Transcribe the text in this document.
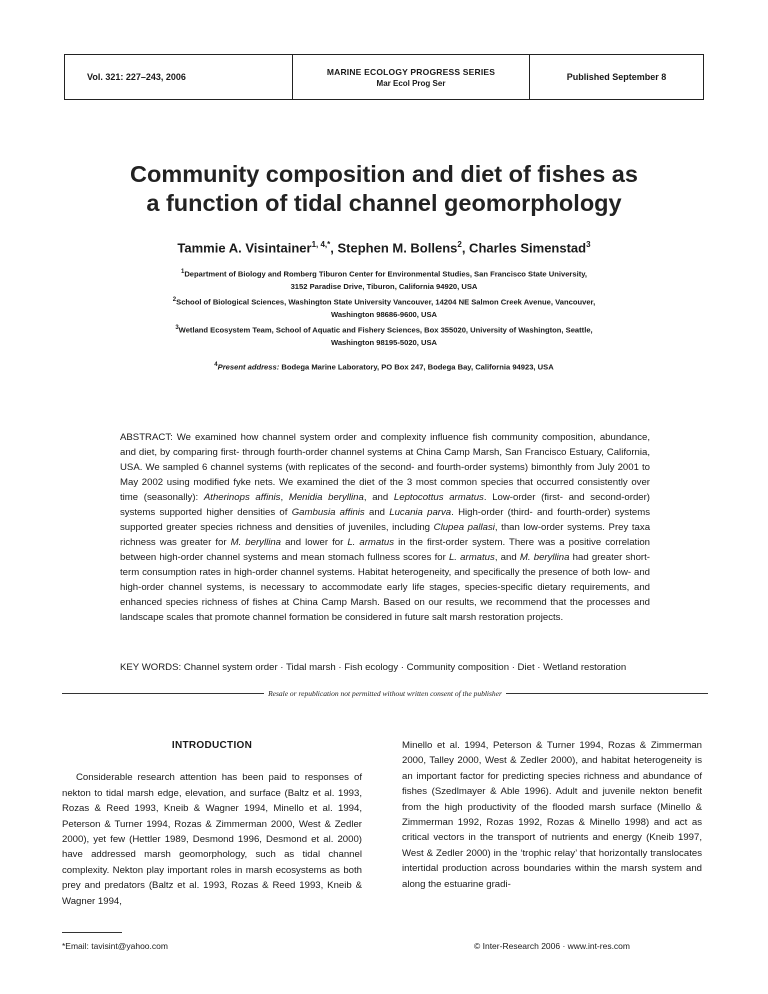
Vol. 321: 227–243, 2006
MARINE ECOLOGY PROGRESS SERIES
Mar Ecol Prog Ser
Published September 8
Community composition and diet of fishes as
a function of tidal channel geomorphology
Tammie A. Visintainer$^{1, 4,*}$, Stephen M. Bollens$^2$, Charles Simenstad$^3$
$^1$Department of Biology and Romberg Tiburon Center for Environmental Studies, San Francisco State University,
3152 Paradise Drive, Tiburon, California 94920, USA
$^2$School of Biological Sciences, Washington State University Vancouver, 14204 NE Salmon Creek Avenue, Vancouver,
Washington 98686-9600, USA
$^3$Wetland Ecosystem Team, School of Aquatic and Fishery Sciences, Box 355020, University of Washington, Seattle,
Washington 98195-5020, USA
$^4$Present address: Bodega Marine Laboratory, PO Box 247, Bodega Bay, California 94923, USA
ABSTRACT: We examined how channel system order and complexity influence fish community composition, abundance, and diet, by comparing first- through fourth-order channel systems at China Camp Marsh, San Francisco Estuary, California, USA. We sampled 6 channel systems (with replicates of the second- and fourth-order systems) bimonthly from July 2001 to May 2002 using modified fyke nets. We examined the diet of the 3 most common species that occurred consistently over time (seasonally): Atherinops affinis, Menidia beryllina, and Leptocottus armatus. Low-order (first- and second-order) systems supported higher densities of Gambusia affinis and Lucania parva. High-order (third- and fourth-order) systems supported greater species richness and densities of juveniles, including Clupea pallasi, than low-order systems. Prey taxa richness was greater for M. beryllina and lower for L. armatus in the first-order system. There was a positive correlation between high-order channel systems and mean stomach fullness scores for L. armatus, and M. beryllina had greater short-term consumption rates in high-order channel systems. Habitat heterogeneity, and specifically the presence of both low- and high-order channel systems, is necessary to accommodate early life stages, species-specific dietary requirements, and enhanced species richness of fishes at China Camp Marsh. Based on our results, we recommend that the processes and landscape scales that promote channel formation be considered in future salt marsh restoration projects.
KEY WORDS: Channel system order · Tidal marsh · Fish ecology · Community composition · Diet · Wetland restoration
Resale or republication not permitted without written consent of the publisher
INTRODUCTION

Considerable research attention has been paid to responses of nekton to tidal marsh edge, elevation, and surface (Baltz et al. 1993, Rozas & Reed 1993, Kneib & Wagner 1994, Minello et al. 1994, Peterson & Turner 1994, Rozas & Zimmerman 2000, West & Zedler 2000), yet few (Hettler 1989, Desmond 1996, Desmond et al. 2000) have addressed marsh geomorphology, such as tidal channel complexity. Nekton play important roles in marsh ecosystems as both prey and predators (Baltz et al. 1993, Rozas & Reed 1993, Kneib & Wagner 1994,

Minello et al. 1994, Peterson & Turner 1994, Rozas & Zimmerman 2000, Talley 2000, West & Zedler 2000), and habitat heterogeneity is an important factor for predicting species richness and abundance of fishes (Szedlmayer & Able 1996). Adult and juvenile nekton benefit from the high productivity of the flooded marsh surface (Minello & Zimmerman 1992, Rozas 1992, Rozas & Minello 1998) and act as critical vectors in the transport of nutrients and energy (Kneib 1997, West & Zedler 2000) in the ‘trophic relay’ that horizontally translocates intertidal production across boundaries within the marsh system and along the estuarine gradi-

*Email: tavisint@yahoo.com	© Inter-Research 2006 · www.int-res.com
